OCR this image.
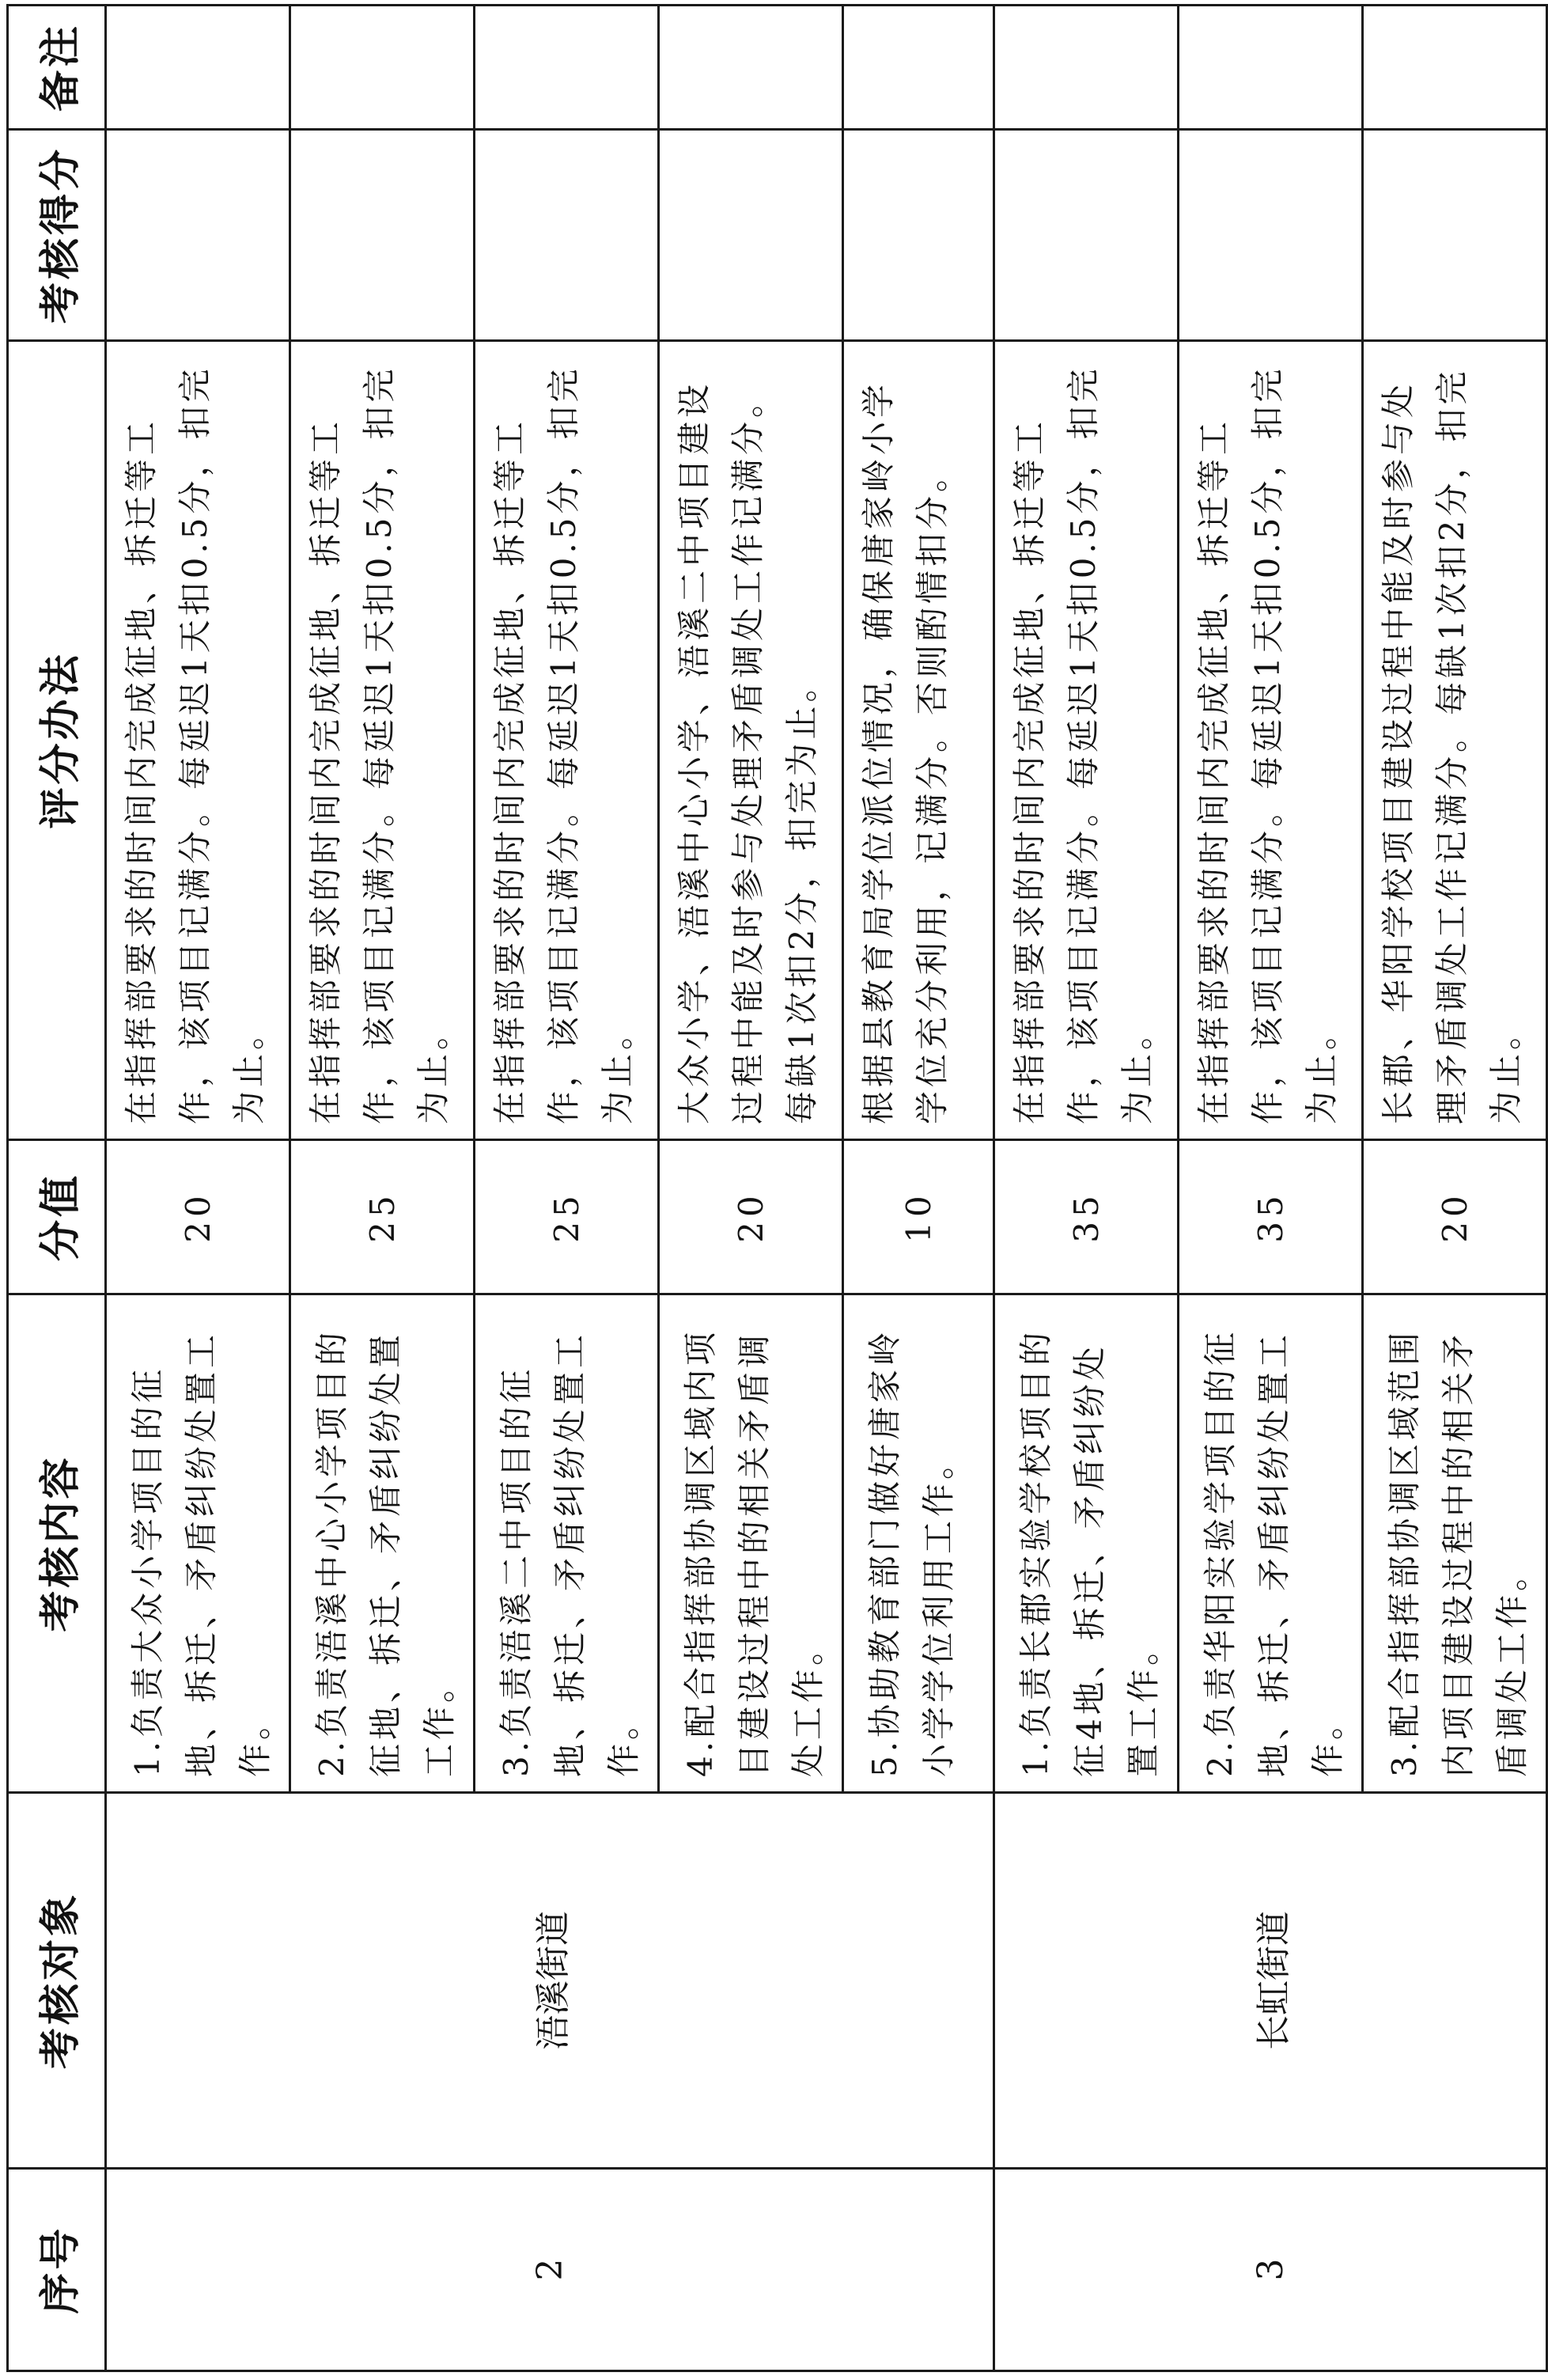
序号	考核对象	考核内容	分值	评分办法	考核得分	备注
2	浯溪街道	1.负责大众小学项目的征地、拆迁、矛盾纠纷处置工作。	20	在指挥部要求的时间内完成征地、拆迁等工作，该项目记满分。每延迟1天扣0.5分，扣完为止。		
		2.负责浯溪中心小学项目的征地、拆迁、矛盾纠纷处置工作。	25	在指挥部要求的时间内完成征地、拆迁等工作，该项目记满分。每延迟1天扣0.5分，扣完为止。		
		3.负责浯溪二中项目的征地、拆迁、矛盾纠纷处置工作。	25	在指挥部要求的时间内完成征地、拆迁等工作，该项目记满分。每延迟1天扣0.5分，扣完为止。		
		4.配合指挥部协调区域内项目建设过程中的相关矛盾调处工作。	20	大众小学、浯溪中心小学、浯溪二中项目建设过程中能及时参与处理矛盾调处工作记满分。每缺1次扣2分，扣完为止。		
		5.协助教育部门做好唐家岭小学学位利用工作。	10	根据县教育局学位派位情况，确保唐家岭小学学位充分利用，记满分。否则酌情扣分。		
3	长虹街道	1.负责长郡实验学校项目的征4地、拆迁、矛盾纠纷处置工作。	35	在指挥部要求的时间内完成征地、拆迁等工作，该项目记满分。每延迟1天扣0.5分，扣完为止。		
		2.负责华阳实验学项目的征地、拆迁、矛盾纠纷处置工作。	35	在指挥部要求的时间内完成征地、拆迁等工作，该项目记满分。每延迟1天扣0.5分，扣完为止。		
		3.配合指挥部协调区域范围内项目建设过程中的相关矛盾调处工作。	20	长郡、华阳学校项目建设过程中能及时参与处理矛盾调处工作记满分。每缺1次扣2分，扣完为止。		
